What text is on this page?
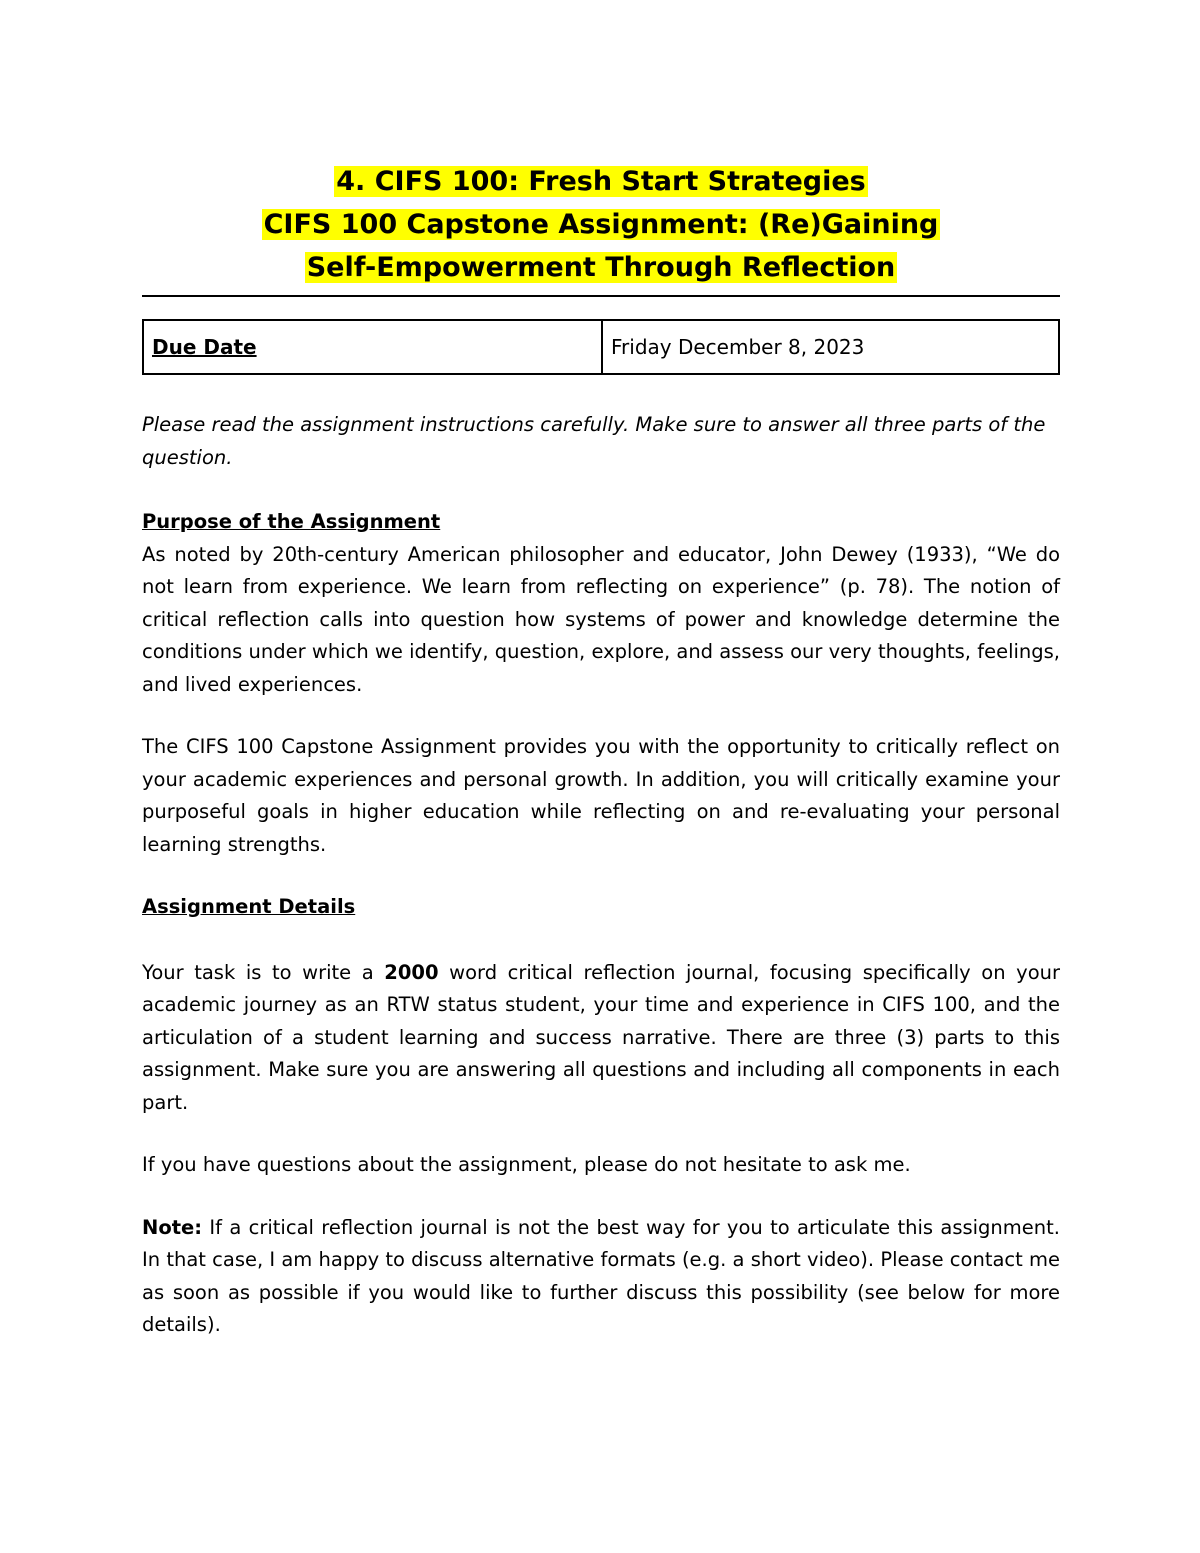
4. CIFS 100: Fresh Start Strategies
CIFS 100 Capstone Assignment: (Re)Gaining
Self-Empowerment Through Reflection
Due Date	Friday December 8, 2023

Please read the assignment instructions carefully. Make sure to answer all three parts of the question.

Purpose of the Assignment

As noted by 20th-century American philosopher and educator, John Dewey (1933), “We do not learn from experience. We learn from reflecting on experience” (p. 78). The notion of critical reflection calls into question how systems of power and knowledge determine the conditions under which we identify, question, explore, and assess our very thoughts, feelings, and lived experiences.

The CIFS 100 Capstone Assignment provides you with the opportunity to critically reflect on your academic experiences and personal growth. In addition, you will critically examine your purposeful goals in higher education while reflecting on and re-evaluating your personal learning strengths.

Assignment Details

Your task is to write a 2000 word critical reflection journal, focusing specifically on your academic journey as an RTW status student, your time and experience in CIFS 100, and the articulation of a student learning and success narrative. There are three (3) parts to this assignment. Make sure you are answering all questions and including all components in each part.

If you have questions about the assignment, please do not hesitate to ask me.

Note: If a critical reflection journal is not the best way for you to articulate this assignment. In that case, I am happy to discuss alternative formats (e.g. a short video). Please contact me as soon as possible if you would like to further discuss this possibility (see below for more details).
